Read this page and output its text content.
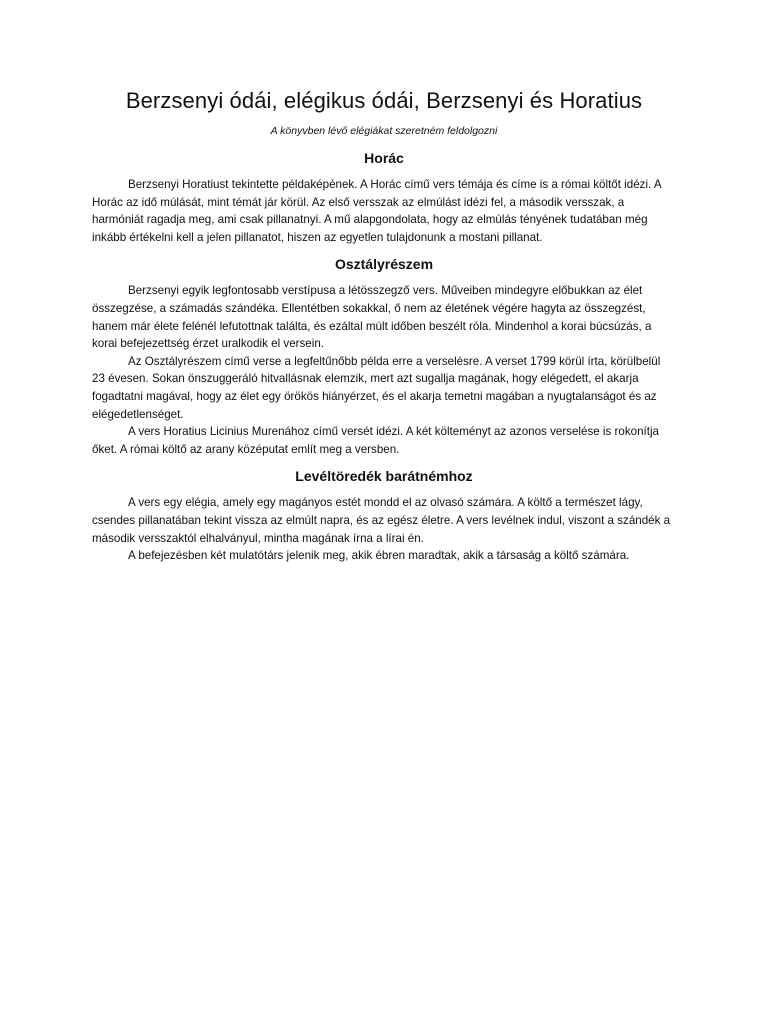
Berzsenyi ódái, elégikus ódái, Berzsenyi és Horatius

A könyvben lévő elégiákat szeretném feldolgozni

Horác

Berzsenyi Horatiust tekintette példaképének. A Horác című vers témája és címe is a római költőt idézi. A Horác az idő múlását, mint témát jár körül. Az első versszak az elmúlást idézi fel, a második versszak, a harmóniát ragadja meg, ami csak pillanatnyi. A mű alapgondolata, hogy az elmúlás tényének tudatában még inkább értékelni kell a jelen pillanatot, hiszen az egyetlen tulajdonunk a mostani pillanat.

Osztályrészem

Berzsenyi egyik legfontosabb verstípusa a létösszegző vers. Műveiben mindegyre előbukkan az élet összegzése, a számadás szándéka. Ellentétben sokakkal, ő nem az életének végére hagyta az összegzést, hanem már élete felénél lefutottnak találta, és ezáltal múlt időben beszélt róla. Mindenhol a korai búcsúzás, a korai befejezettség érzet uralkodik el versein.

Az Osztályrészem című verse a legfeltűnőbb példa erre a verselésre. A verset 1799 körül írta, körülbelül 23 évesen. Sokan önszuggeráló hitvallásnak elemzik, mert azt sugallja magának, hogy elégedett, el akarja fogadtatni magával, hogy az élet egy örökös hiányérzet, és el akarja temetni magában a nyugtalanságot és az elégedetlenséget.

A vers Horatius Licinius Murenához című versét idézi. A két költeményt az azonos verselése is rokonítja őket. A római költő az arany középutat említ meg a versben.

Levéltöredék barátnémhoz

A vers egy elégia, amely egy magányos estét mondd el az olvasó számára. A költő a természet lágy, csendes pillanatában tekint vissza az elmúlt napra, és az egész életre. A vers levélnek indul, viszont a szándék a második versszaktól elhalványul, mintha magának írna a lírai én.

A befejezésben két mulatótárs jelenik meg, akik ébren maradtak, akik a társaság a költő számára.
